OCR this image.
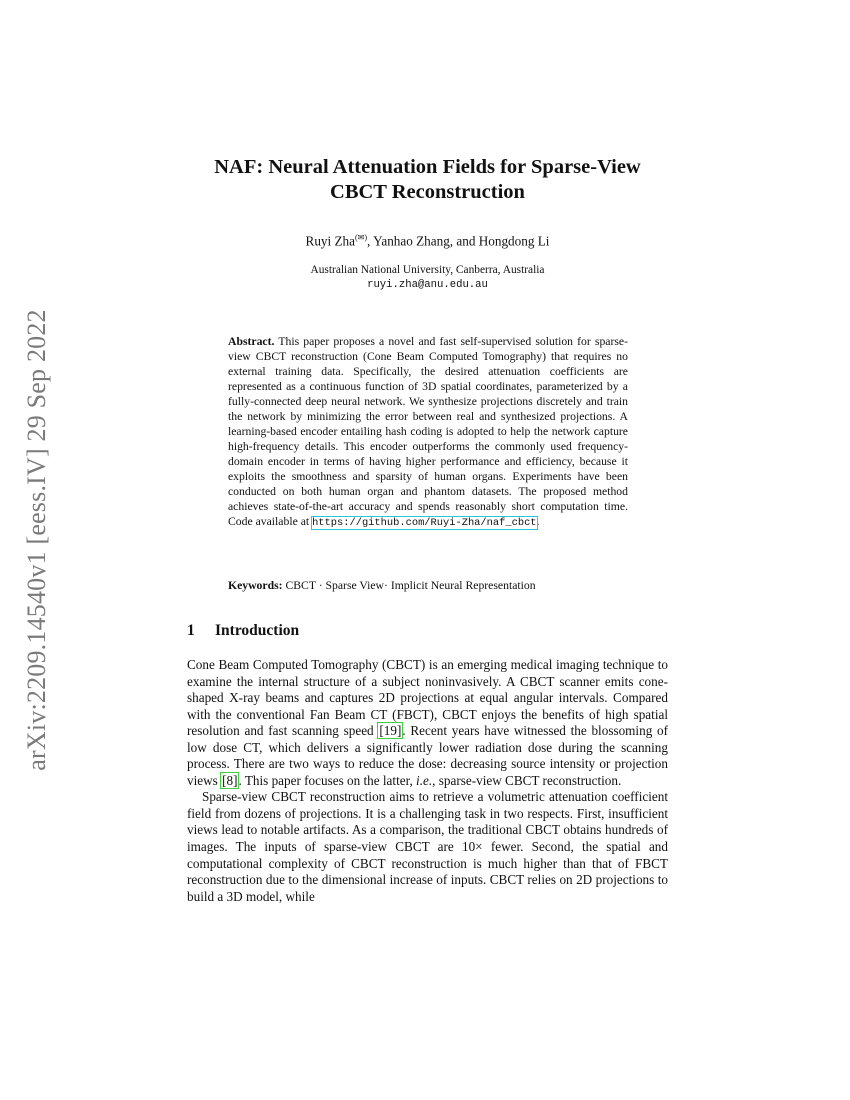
arXiv:2209.14540v1 [eess.IV] 29 Sep 2022
NAF: Neural Attenuation Fields for Sparse-View
CBCT Reconstruction
Ruyi Zha(✉), Yanhao Zhang, and Hongdong Li
Australian National University, Canberra, Australia
ruyi.zha@anu.edu.au
Abstract. This paper proposes a novel and fast self-supervised solution for sparse-view CBCT reconstruction (Cone Beam Computed Tomography) that requires no external training data. Specifically, the desired attenuation coefficients are represented as a continuous function of 3D spatial coordinates, parameterized by a fully-connected deep neural network. We synthesize projections discretely and train the network by minimizing the error between real and synthesized projections. A learning-based encoder entailing hash coding is adopted to help the network capture high-frequency details. This encoder outperforms the commonly used frequency-domain encoder in terms of having higher performance and efficiency, because it exploits the smoothness and sparsity of human organs. Experiments have been conducted on both human organ and phantom datasets. The proposed method achieves state-of-the-art accuracy and spends reasonably short computation time. Code available at https://github.com/Ruyi-Zha/naf_cbct.
Keywords: CBCT · Sparse View· Implicit Neural Representation
1 Introduction

Cone Beam Computed Tomography (CBCT) is an emerging medical imaging technique to examine the internal structure of a subject noninvasively. A CBCT scanner emits cone-shaped X-ray beams and captures 2D projections at equal angular intervals. Compared with the conventional Fan Beam CT (FBCT), CBCT enjoys the benefits of high spatial resolution and fast scanning speed [19]. Recent years have witnessed the blossoming of low dose CT, which delivers a significantly lower radiation dose during the scanning process. There are two ways to reduce the dose: decreasing source intensity or projection views [8]. This paper focuses on the latter, i.e., sparse-view CBCT reconstruction.

Sparse-view CBCT reconstruction aims to retrieve a volumetric attenuation coefficient field from dozens of projections. It is a challenging task in two respects. First, insufficient views lead to notable artifacts. As a comparison, the traditional CBCT obtains hundreds of images. The inputs of sparse-view CBCT are 10× fewer. Second, the spatial and computational complexity of CBCT reconstruction is much higher than that of FBCT reconstruction due to the dimensional increase of inputs. CBCT relies on 2D projections to build a 3D model, while
